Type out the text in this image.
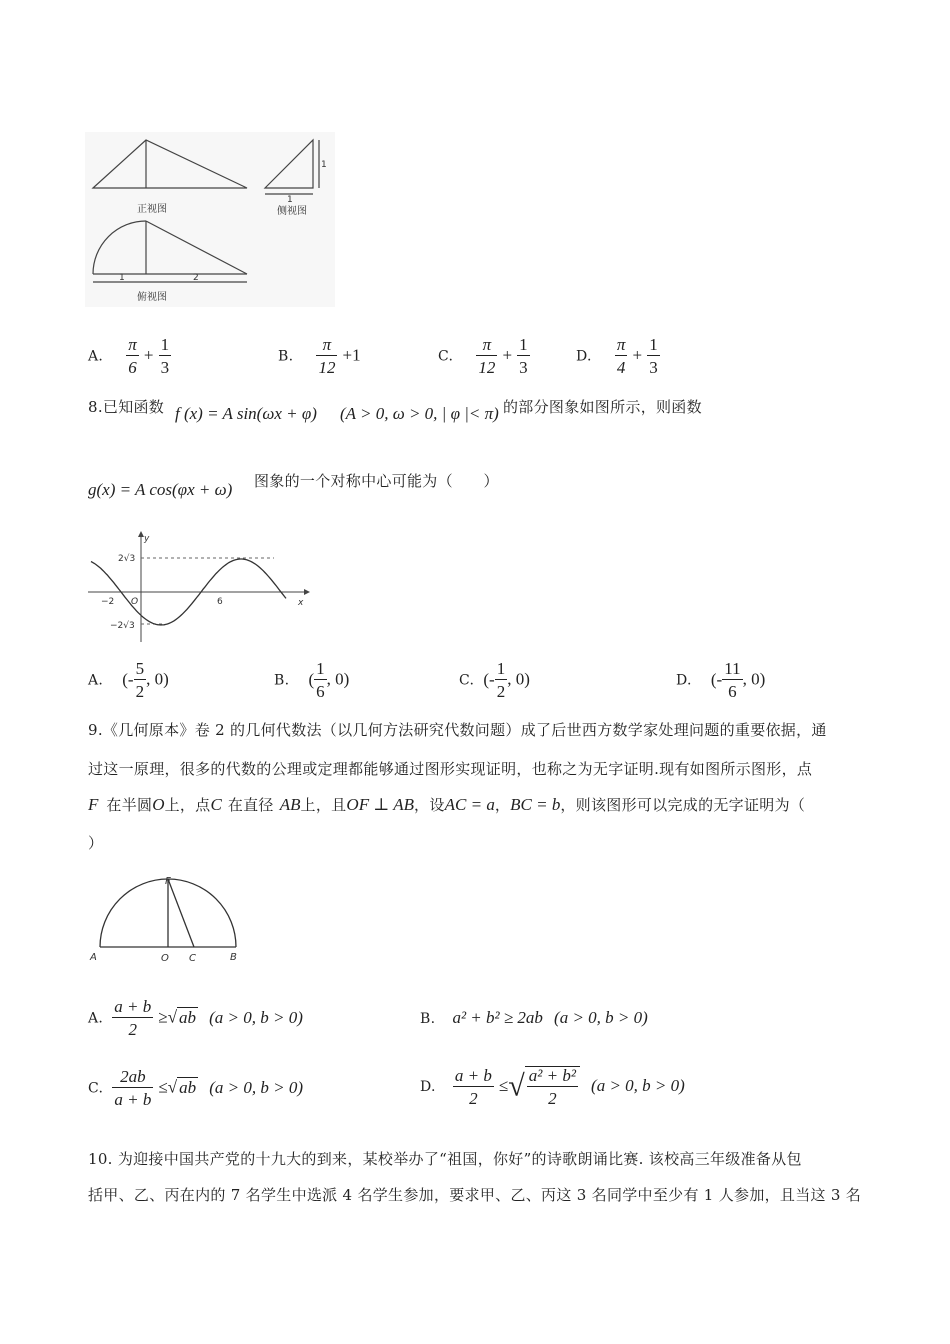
正视图
1
1
侧视图
1	2
俯视图
A. $\frac{\pi}{6} + \frac{1}{3}$	B. $\frac{\pi}{12} +1$	C. $\frac{\pi}{12} + \frac{1}{3}$	D. $\frac{\pi}{4} + \frac{1}{3}$
8.已知函数 f (x) = A sin(ωx + φ) (A > 0, ω > 0, | φ |< π) 的部分图象如图所示，则函数
g(x) = A cos(φx + ω) 图象的一个对称中心可能为（　　）
y
x
O
2√3
−2√3
−2	6
A. (- $\frac{5}{2}$ , 0)	B. ( $\frac{1}{6}$ , 0)	C. (- $\frac{1}{2}$ , 0)	D. (- $\frac{11}{6}$ , 0)
9.《几何原本》卷 2 的几何代数法（以几何方法研究代数问题）成了后世西方数学家处理问题的重要依据，通
过这一原理，很多的代数的公理或定理都能够通过图形实现证明，也称之为无字证明.现有如图所示图形，点
F 在半圆O上，点C 在直径 AB上，且OF ⊥ AB，设AC = a，BC = b，则该图形可以完成的无字证明为（
）
F
A	O C	B
A. $\frac{a + b}{2}$ ≥√ ab (a > 0, b > 0)	B. a² + b² ≥ 2ab (a > 0, b > 0)
C. $\frac{2ab}{a + b}$ ≤√ ab (a > 0, b > 0)	D. $\frac{a + b}{2}$ ≤√ $\frac{\text{a² + b²}}{2} (a > 0$, b > 0)
10. 为迎接中国共产党的十九大的到来，某校举办了“祖国，你好”的诗歌朗诵比赛. 该校高三年级准备从包
括甲、乙、丙在内的 7 名学生中选派 4 名学生参加，要求甲、乙、丙这 3 名同学中至少有 1 人参加，且当这 3 名
